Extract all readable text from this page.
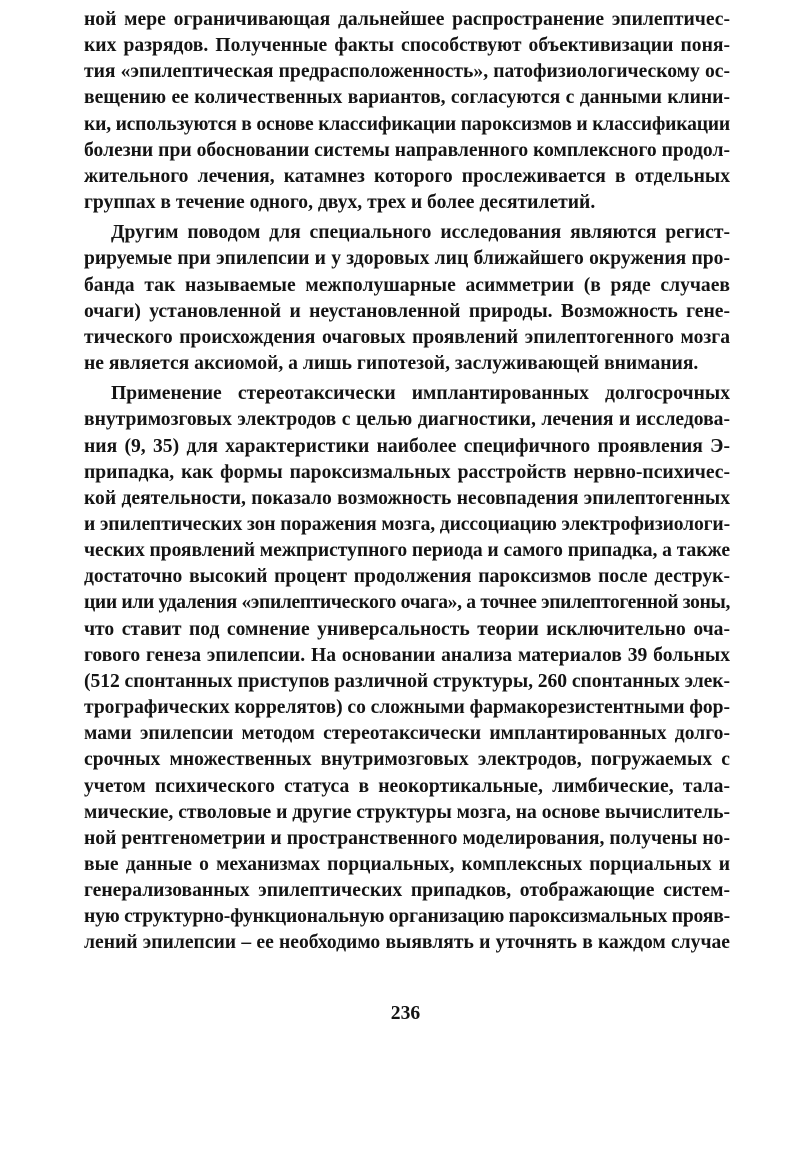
ной мере ограничивающая дальнейшее распространение эпилептичес-
ких разрядов. Полученные факты способствуют объективизации поня-
тия «эпилептическая предрасположенность», патофизиологическому ос-
вещению ее количественных вариантов, согласуются с данными клини-
ки, используются в основе классификации пароксизмов и классификации
болезни при обосновании системы направленного комплексного продол-
жительного лечения, катамнез которого прослеживается в отдельных
группах в течение одного, двух, трех и более десятилетий.

Другим поводом для специального исследования являются регист-
рируемые при эпилепсии и у здоровых лиц ближайшего окружения про-
банда так называемые межполушарные асимметрии (в ряде случаев
очаги) установленной и неустановленной природы. Возможность гене-
тического происхождения очаговых проявлений эпилептогенного мозга
не является аксиомой, а лишь гипотезой, заслуживающей внимания.

Применение стереотаксически имплантированных долгосрочных
внутримозговых электродов с целью диагностики, лечения и исследова-
ния (9, 35) для характеристики наиболее специфичного проявления Э-
припадка, как формы пароксизмальных расстройств нервно-психичес-
кой деятельности, показало возможность несовпадения эпилептогенных
и эпилептических зон поражения мозга, диссоциацию электрофизиологи-
ческих проявлений межприступного периода и самого припадка, а также
достаточно высокий процент продолжения пароксизмов после деструк-
ции или удаления «эпилептического очага», а точнее эпилептогенной зоны,
что ставит под сомнение универсальность теории исключительно оча-
гового генеза эпилепсии. На основании анализа материалов 39 больных
(512 спонтанных приступов различной структуры, 260 спонтанных элек-
трографических коррелятов) со сложными фармакорезистентными фор-
мами эпилепсии методом стереотаксически имплантированных долго-
срочных множественных внутримозговых электродов, погружаемых с
учетом психического статуса в неокортикальные, лимбические, тала-
мические, стволовые и другие структуры мозга, на основе вычислитель-
ной рентгенометрии и пространственного моделирования, получены но-
вые данные о механизмах порциальных, комплексных порциальных и
генерализованных эпилептических припадков, отображающие систем-
ную структурно-функциональную организацию пароксизмальных прояв-
лений эпилепсии – ее необходимо выявлять и уточнять в каждом случае

236
